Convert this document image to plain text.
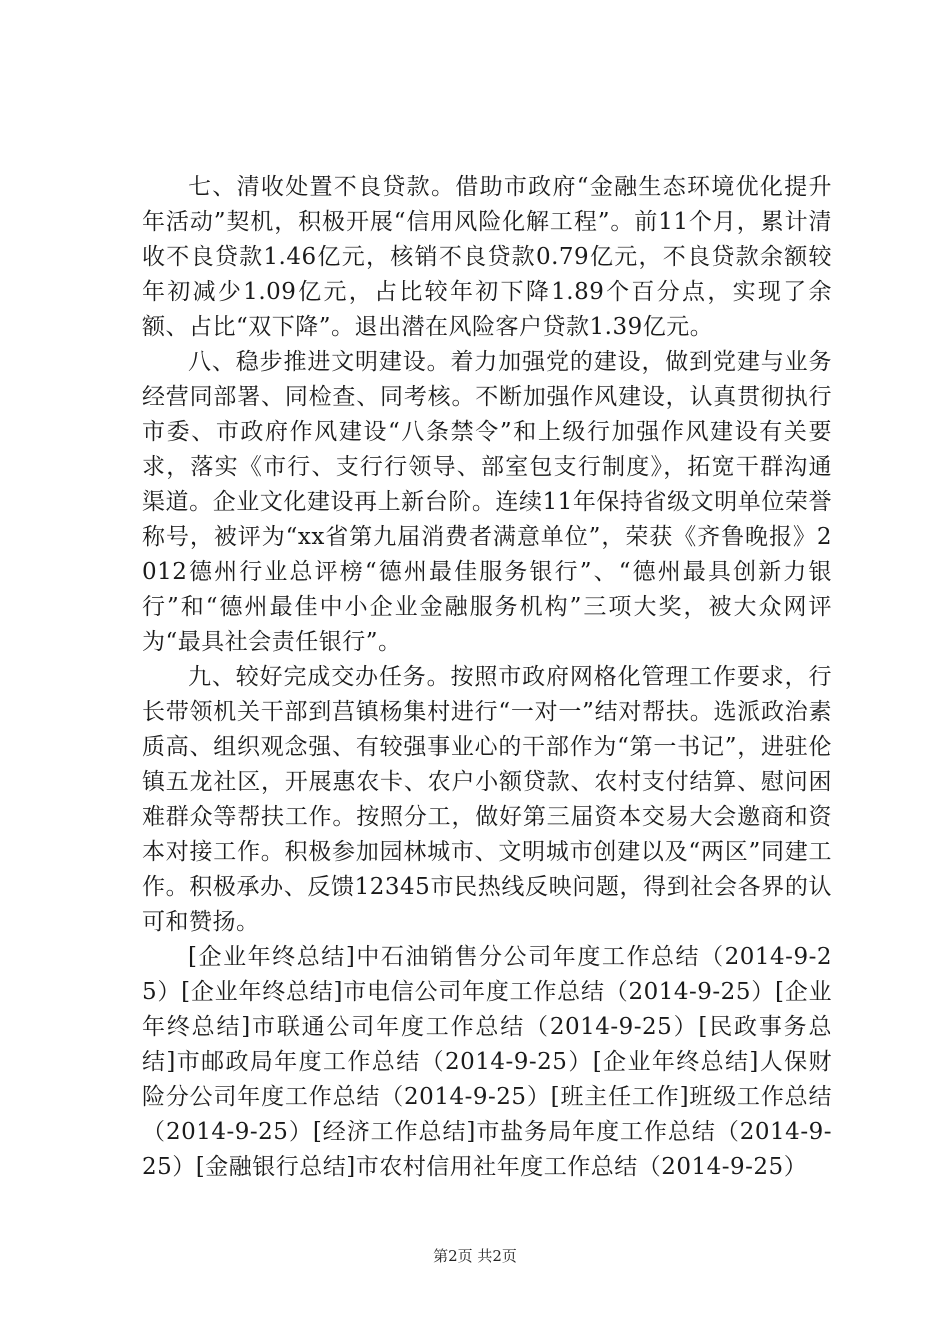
七、清收处置不良贷款。借助市政府“金融生态环境优化提升年活动”契机，积极开展“信用风险化解工程”。前11个月，累计清收不良贷款1.46亿元，核销不良贷款0.79亿元，不良贷款余额较年初减少1.09亿元，占比较年初下降1.89个百分点，实现了余额、占比“双下降”。退出潜在风险客户贷款1.39亿元。

八、稳步推进文明建设。着力加强党的建设，做到党建与业务经营同部署、同检查、同考核。不断加强作风建设，认真贯彻执行市委、市政府作风建设“八条禁令”和上级行加强作风建设有关要求，落实《市行、支行行领导、部室包支行制度》，拓宽干群沟通渠道。企业文化建设再上新台阶。连续11年保持省级文明单位荣誉称号，被评为“xx省第九届消费者满意单位”，荣获《齐鲁晚报》2012德州行业总评榜“德州最佳服务银行”、“德州最具创新力银行”和“德州最佳中小企业金融服务机构”三项大奖，被大众网评为“最具社会责任银行”。

九、较好完成交办任务。按照市政府网格化管理工作要求，行长带领机关干部到莒镇杨集村进行“一对一”结对帮扶。选派政治素质高、组织观念强、有较强事业心的干部作为“第一书记”，进驻伦镇五龙社区，开展惠农卡、农户小额贷款、农村支付结算、慰问困难群众等帮扶工作。按照分工，做好第三届资本交易大会邀商和资本对接工作。积极参加园林城市、文明城市创建以及“两区”同建工作。积极承办、反馈12345市民热线反映问题，得到社会各界的认可和赞扬。

[企业年终总结]中石油销售分公司年度工作总结（2014-9-25）[企业年终总结]市电信公司年度工作总结（2014-9-25）[企业年终总结]市联通公司年度工作总结（2014-9-25）[民政事务总结]市邮政局年度工作总结（2014-9-25）[企业年终总结]人保财险分公司年度工作总结（2014-9-25）[班主任工作]班级工作总结（2014-9-25）[经济工作总结]市盐务局年度工作总结（2014-9-25）[金融银行总结]市农村信用社年度工作总结（2014-9-25）

第2页 共2页
